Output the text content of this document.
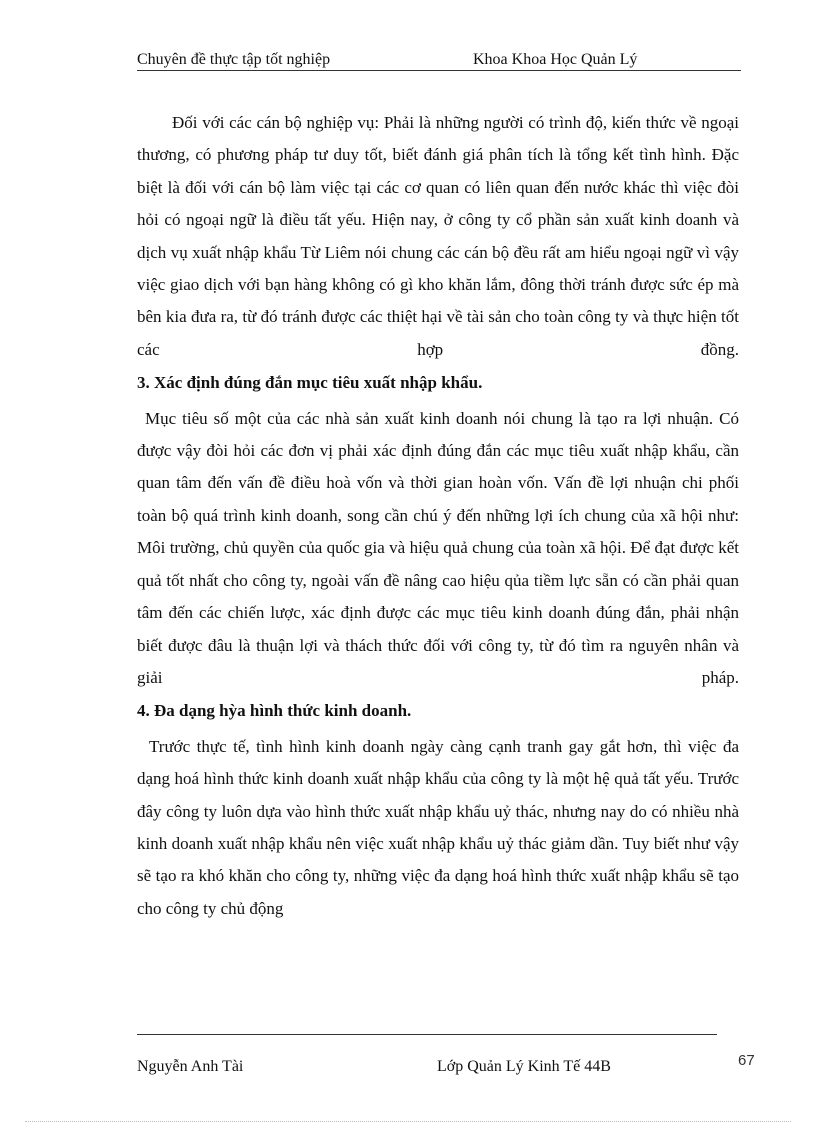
Chuyên đề thực tập tốt nghiệp	Khoa Khoa Học Quản Lý

Đối với các cán bộ nghiệp vụ: Phải là những người có trình độ, kiến thức về ngoại thương, có phương pháp tư duy tốt, biết đánh giá phân tích là tổng kết tình hình. Đặc biệt là đối với cán bộ làm việc tại các cơ quan có liên quan đến nước khác thì việc đòi hỏi có ngoại ngữ là điều tất yếu. Hiện nay, ở công ty cổ phần sản xuất kinh doanh và dịch vụ xuất nhập khẩu Từ Liêm nói chung các cán bộ đều rất am hiểu ngoại ngữ vì vậy việc giao dịch với bạn hàng không có gì kho khăn lắm, đông thời tránh được sức ép mà bên kia đưa ra, từ đó tránh được các thiệt hại về tài sản cho toàn công ty và thực hiện tốt các hợp đồng.

3. Xác định đúng đắn mục tiêu xuất nhập khẩu.

Mục tiêu số một của các nhà sản xuất kinh doanh nói chung là tạo ra lợi nhuận. Có được vậy đòi hỏi các đơn vị phải xác định đúng đắn các mục tiêu xuất nhập khẩu, cần quan tâm đến vấn đề điều hoà vốn và thời gian hoàn vốn. Vấn đề lợi nhuận chi phối toàn bộ quá trình kinh doanh, song cần chú ý đến những lợi ích chung của xã hội như: Môi trường, chủ quyền của quốc gia và hiệu quả chung của toàn xã hội. Để đạt được kết quả tốt nhất cho công ty, ngoài vấn đề nâng cao hiệu qủa tiềm lực sẵn có cần phải quan tâm đến các chiến lược, xác định được các mục tiêu kinh doanh đúng đắn, phải nhận biết được đâu là thuận lợi và thách thức đối với công ty, từ đó tìm ra nguyên nhân và giải pháp.

4. Đa dạng hỳa hình thức kinh doanh.

Trước thực tế, tình hình kinh doanh ngày càng cạnh tranh gay gắt hơn, thì việc đa dạng hoá hình thức kinh doanh xuất nhập khẩu của công ty là một hệ quả tất yếu. Trước đây công ty luôn dựa vào hình thức xuất nhập khẩu uỷ thác, nhưng nay do có nhiều nhà kinh doanh xuất nhập khẩu nên việc xuất nhập khẩu uỷ thác giảm dần. Tuy biết như vậy sẽ tạo ra khó khăn cho công ty, những việc đa dạng hoá hình thức xuất nhập khẩu sẽ tạo cho công ty chủ động

Nguyễn Anh Tài	Lớp Quản Lý Kinh Tế 44B	67
